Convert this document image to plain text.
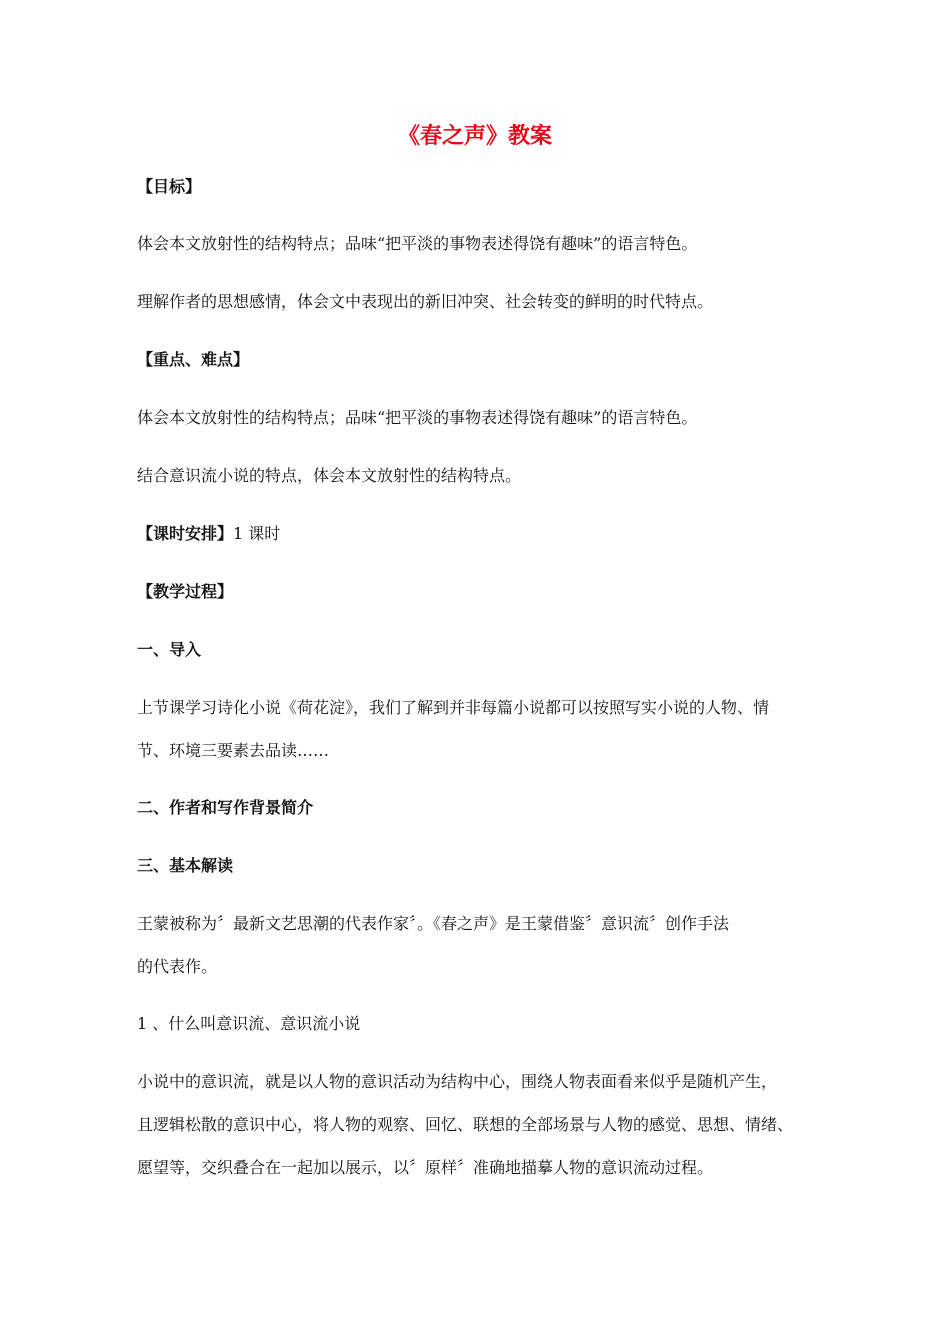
《春之声》教案
【目标】
体会本文放射性的结构特点；品味“把平淡的事物表述得饶有趣味”的语言特色。
理解作者的思想感情，体会文中表现出的新旧冲突、社会转变的鲜明的时代特点。
【重点、难点】
体会本文放射性的结构特点；品味“把平淡的事物表述得饶有趣味”的语言特色。
结合意识流小说的特点，体会本文放射性的结构特点。
【课时安排】1 课时
【教学过程】
一、导入
上节课学习诗化小说《荷花淀》，我们了解到并非每篇小说都可以按照写实小说的人物、情
节、环境三要素去品读……
二、作者和写作背景简介
三、基本解读
王蒙被称为〞最新文艺思潮的代表作家〞。《春之声》是王蒙借鉴〞意识流〞创作手法
的代表作。
1 、什么叫意识流、意识流小说
小说中的意识流，就是以人物的意识活动为结构中心，围绕人物表面看来似乎是随机产生，
且逻辑松散的意识中心，将人物的观察、回忆、联想的全部场景与人物的感觉、思想、情绪、
愿望等，交织叠合在一起加以展示，以〞原样〞准确地描摹人物的意识流动过程。
